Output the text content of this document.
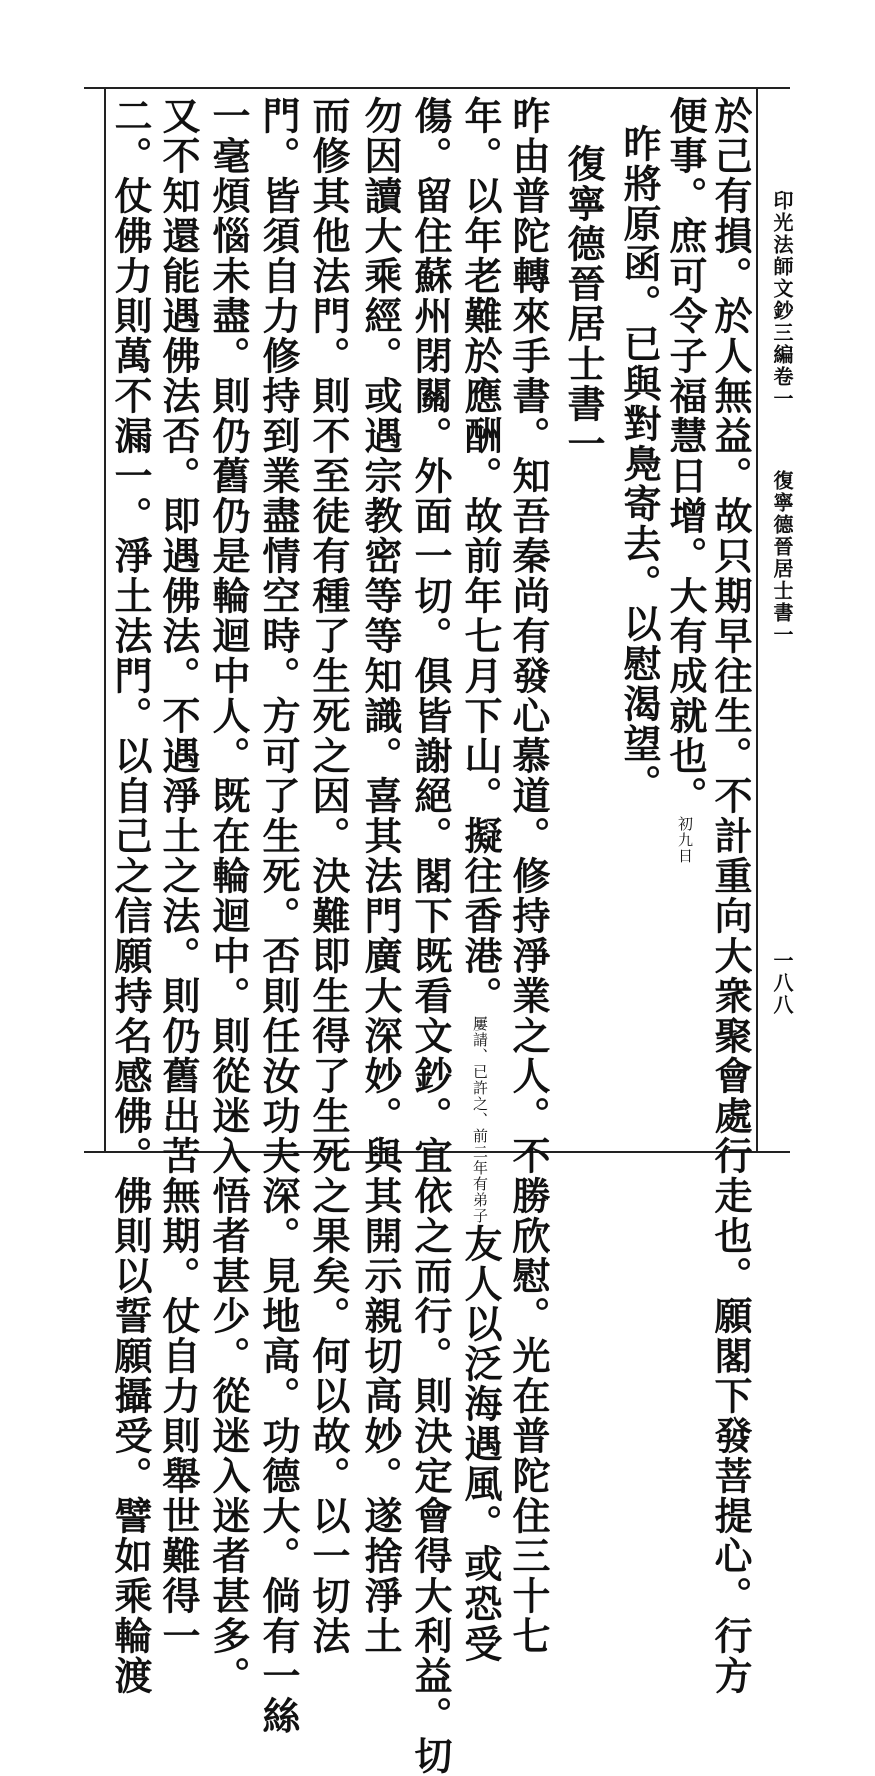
印光法師文鈔三編卷一
復寧德晉居士書一
一八八
於己有損。於人無益。故只期早往生。不計重向大衆聚會處行走也。願閣下發菩提心。行方
便事。庶可令子福慧日增。大有成就也。初九日
昨將原函。已與對鳧寄去。以慰渴望。
復寧德晉居士書一
昨由普陀轉來手書。知吾秦尚有發心慕道。修持淨業之人。不勝欣慰。光在普陀住三十七
年。以年老難於應酬。故前年七月下山。擬往香港。
前二年有弟子
屢請、已許之、
友人以泛海遇風。或恐受
傷。留住蘇州閉關。外面一切。俱皆謝絕。閣下既看文鈔。宜依之而行。則決定會得大利益。切
勿因讀大乘經。或遇宗教密等等知識。喜其法門廣大深妙。與其開示親切高妙。遂捨淨土
而修其他法門。則不至徒有種了生死之因。決難即生得了生死之果矣。何以故。以一切法
門。皆須自力修持到業盡情空時。方可了生死。否則任汝功夫深。見地高。功德大。倘有一絲
一毫煩惱未盡。則仍舊仍是輪迴中人。既在輪迴中。則從迷入悟者甚少。從迷入迷者甚多。
又不知還能遇佛法否。即遇佛法。不遇淨土之法。則仍舊出苦無期。仗自力則舉世難得一
二。仗佛力則萬不漏一。淨土法門。以自己之信願持名感佛。佛則以誓願攝受。譬如乘輪渡
